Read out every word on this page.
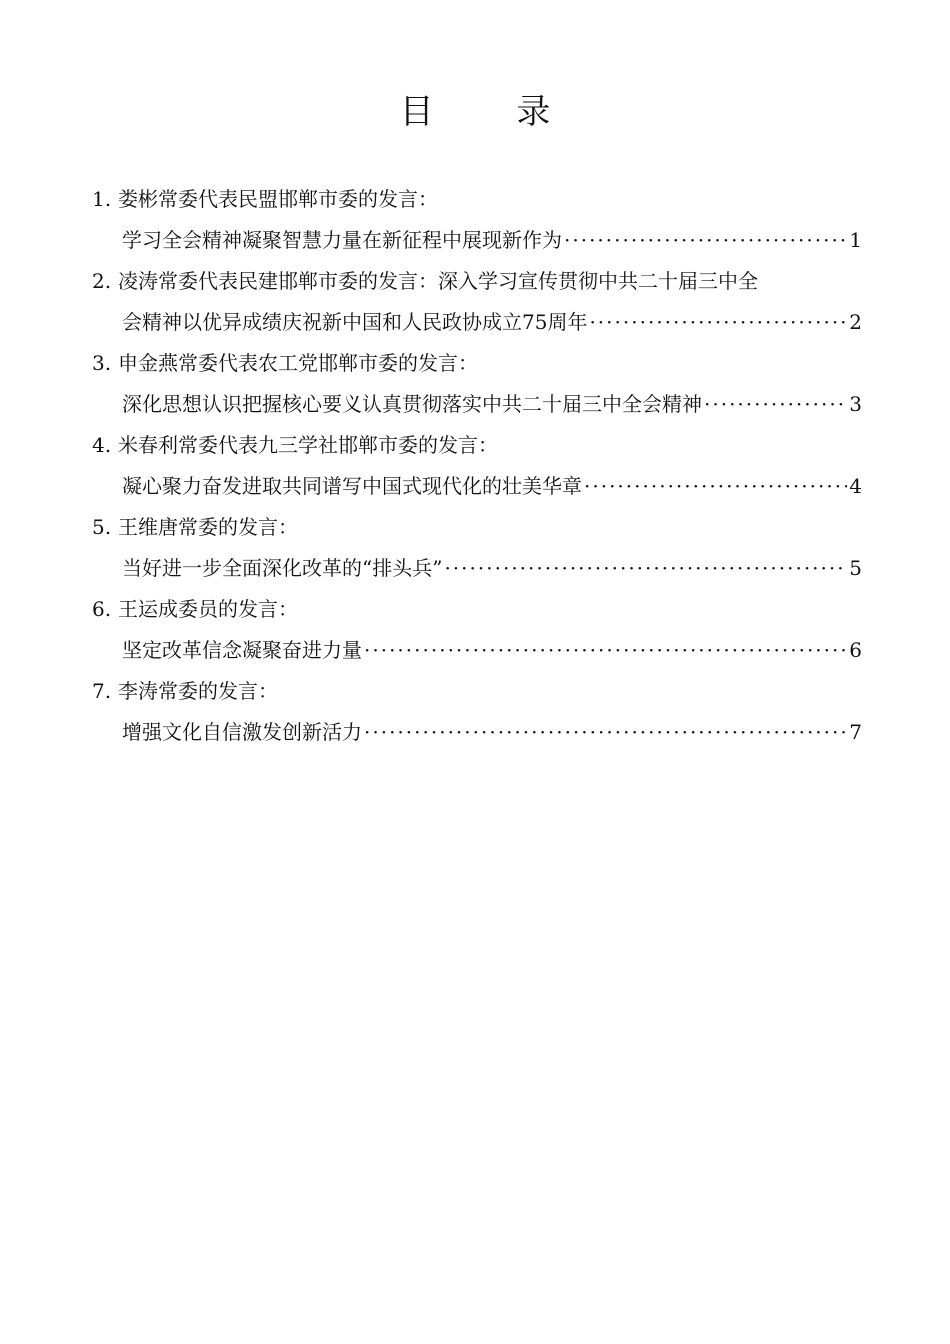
目 录
1. 娄彬常委代表民盟邯郸市委的发言：
学习全会精神凝聚智慧力量在新征程中展现新作为 ·····	1
2. 凌涛常委代表民建邯郸市委的发言：深入学习宣传贯彻中共二十届三中全
会精神以优异成绩庆祝新中国和人民政协成立75周年 ·····	2
3. 申金燕常委代表农工党邯郸市委的发言：
深化思想认识把握核心要义认真贯彻落实中共二十届三中全会精神 ·····	3
4. 米春利常委代表九三学社邯郸市委的发言：
凝心聚力奋发进取共同谱写中国式现代化的壮美华章 ·····	4
5. 王维唐常委的发言：
当好进一步全面深化改革的“排头兵” ·····	5
6. 王运成委员的发言：
坚定改革信念凝聚奋进力量 ·····	6
7. 李涛常委的发言：
增强文化自信激发创新活力 ·····	7
